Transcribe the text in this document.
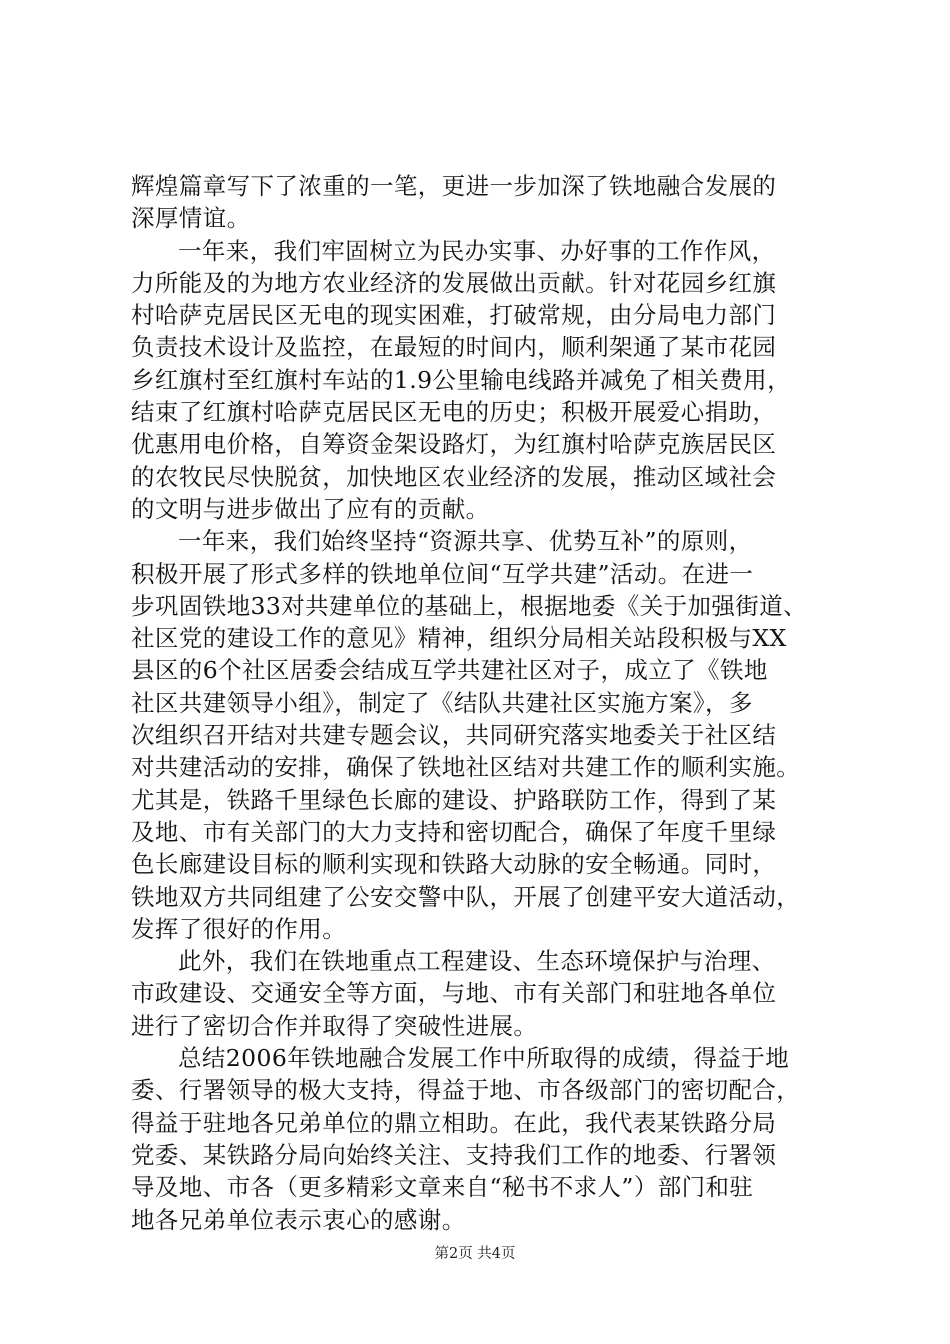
辉煌篇章写下了浓重的一笔，更进一步加深了铁地融合发展的
深厚情谊。
一年来，我们牢固树立为民办实事、办好事的工作作风，
力所能及的为地方农业经济的发展做出贡献。针对花园乡红旗
村哈萨克居民区无电的现实困难，打破常规，由分局电力部门
负责技术设计及监控，在最短的时间内，顺利架通了某市花园
乡红旗村至红旗村车站的1.9公里输电线路并减免了相关费用，
结束了红旗村哈萨克居民区无电的历史；积极开展爱心捐助，
优惠用电价格，自筹资金架设路灯，为红旗村哈萨克族居民区
的农牧民尽快脱贫，加快地区农业经济的发展，推动区域社会
的文明与进步做出了应有的贡献。
一年来，我们始终坚持“资源共享、优势互补”的原则，
积极开展了形式多样的铁地单位间“互学共建”活动。在进一
步巩固铁地33对共建单位的基础上，根据地委《关于加强街道、
社区党的建设工作的意见》精神，组织分局相关站段积极与XX
县区的6个社区居委会结成互学共建社区对子，成立了《铁地
社区共建领导小组》，制定了《结队共建社区实施方案》，多
次组织召开结对共建专题会议，共同研究落实地委关于社区结
对共建活动的安排，确保了铁地社区结对共建工作的顺利实施。
尤其是，铁路千里绿色长廊的建设、护路联防工作，得到了某
及地、市有关部门的大力支持和密切配合，确保了年度千里绿
色长廊建设目标的顺利实现和铁路大动脉的安全畅通。同时，
铁地双方共同组建了公安交警中队，开展了创建平安大道活动，
发挥了很好的作用。
此外，我们在铁地重点工程建设、生态环境保护与治理、
市政建设、交通安全等方面，与地、市有关部门和驻地各单位
进行了密切合作并取得了突破性进展。
总结2006年铁地融合发展工作中所取得的成绩，得益于地
委、行署领导的极大支持，得益于地、市各级部门的密切配合，
得益于驻地各兄弟单位的鼎立相助。在此，我代表某铁路分局
党委、某铁路分局向始终关注、支持我们工作的地委、行署领
导及地、市各（更多精彩文章来自“秘书不求人”）部门和驻
地各兄弟单位表示衷心的感谢。
第2页 共4页
